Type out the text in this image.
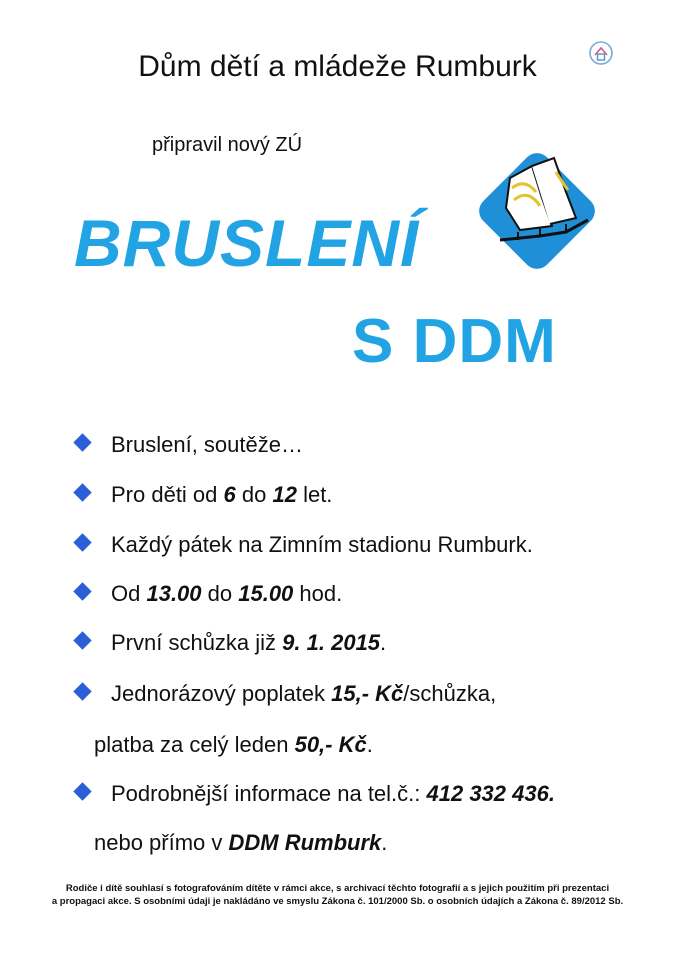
Dům dětí a mládeže Rumburk
připravil nový ZÚ
BRUSLENÍ
S DDM
Bruslení, soutěže…
Pro děti od 6 do 12 let.
Každý pátek na Zimním stadionu Rumburk.
Od 13.00 do 15.00 hod.
První schůzka již 9. 1. 2015.
Jednorázový poplatek 15,- Kč/schůzka,
platba za celý leden 50,- Kč.
Podrobnější informace na tel.č.: 412 332 436.
nebo přímo v DDM Rumburk.
Rodiče i dítě souhlasí s fotografováním dítěte v rámci akce, s archivací těchto fotografií a s jejich použitím při prezentaci
a propagaci akce. S osobními údaji je nakládáno ve smyslu Zákona č. 101/2000 Sb. o osobních údajích a Zákona č. 89/2012 Sb.
